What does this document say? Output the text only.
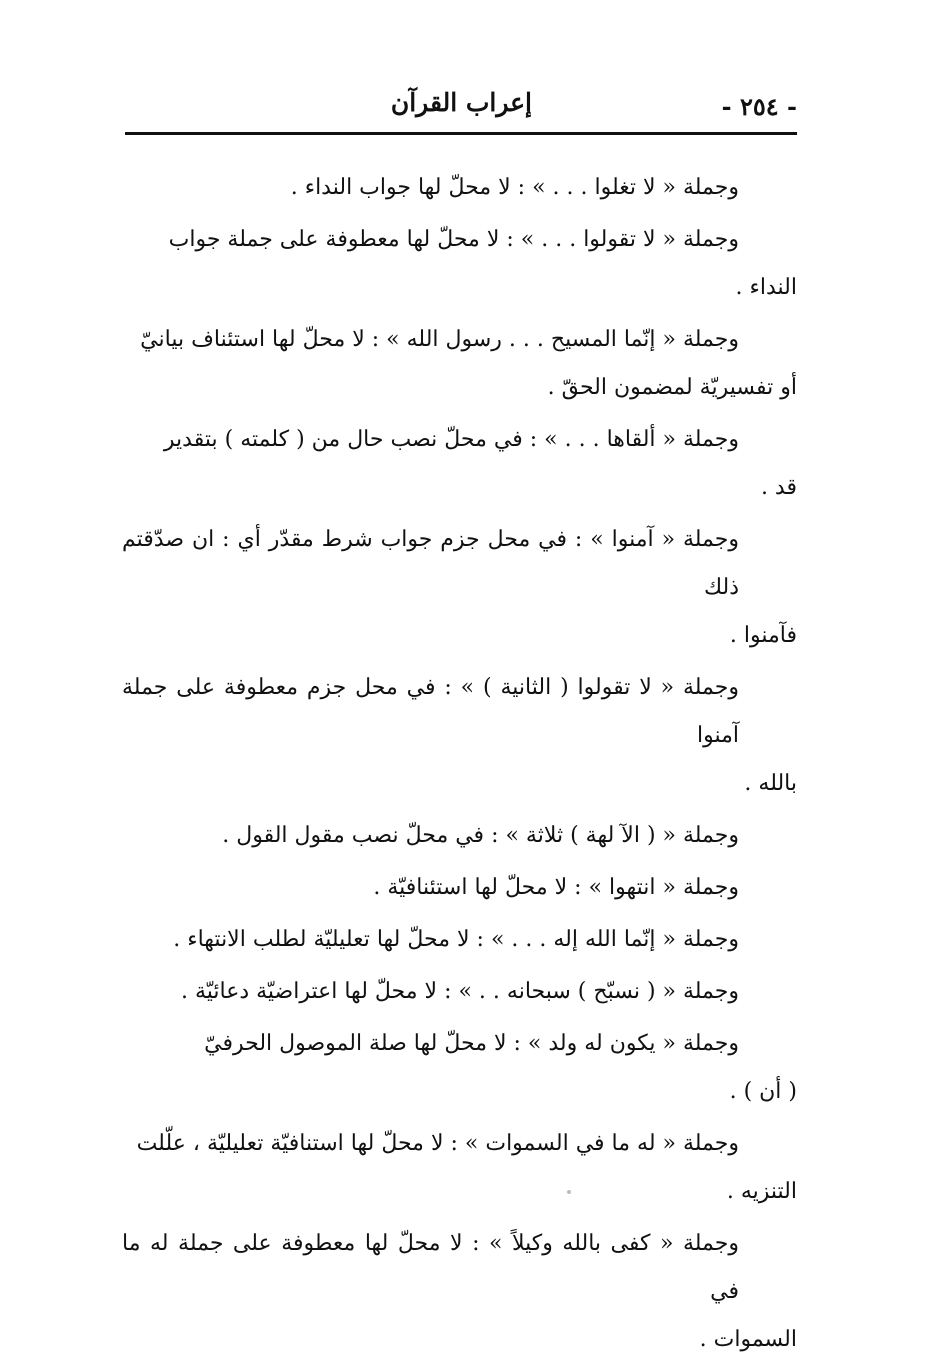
إعراب القرآن	- ٢٥٤ -
وجملة « لا تغلوا . . . » : لا محلّ لها جواب النداء .
وجملة « لا تقولوا . . . » : لا محلّ لها معطوفة على جملة جواب
النداء .
وجملة « إنّما المسيح . . . رسول الله » : لا محلّ لها استئناف بيانيّ
أو تفسيريّة لمضمون الحقّ .
وجملة « ألقاها . . . » : في محلّ نصب حال من ( كلمته ) بتقدير
قد .
وجملة « آمنوا » : في محل جزم جواب شرط مقدّر أي : ان صدّقتم ذلك
فآمنوا .
وجملة « لا تقولوا ( الثانية ) » : في محل جزم معطوفة على جملة آمنوا
بالله .
وجملة « ( الآ لهة ) ثلاثة » : في محلّ نصب مقول القول .
وجملة « انتهوا » : لا محلّ لها استئنافيّة .
وجملة « إنّما الله إله . . . » : لا محلّ لها تعليليّة لطلب الانتهاء .
وجملة « ( نسبّح ) سبحانه . . » : لا محلّ لها اعتراضيّة دعائيّة .
وجملة « يكون له ولد » : لا محلّ لها صلة الموصول الحرفيّ
( أن ) .
وجملة « له ما في السموات » : لا محلّ لها استنافيّة تعليليّة ، علّلت
التنزيه .
وجملة « كفى بالله وكيلاً » : لا محلّ لها معطوفة على جملة له ما في
السموات .
